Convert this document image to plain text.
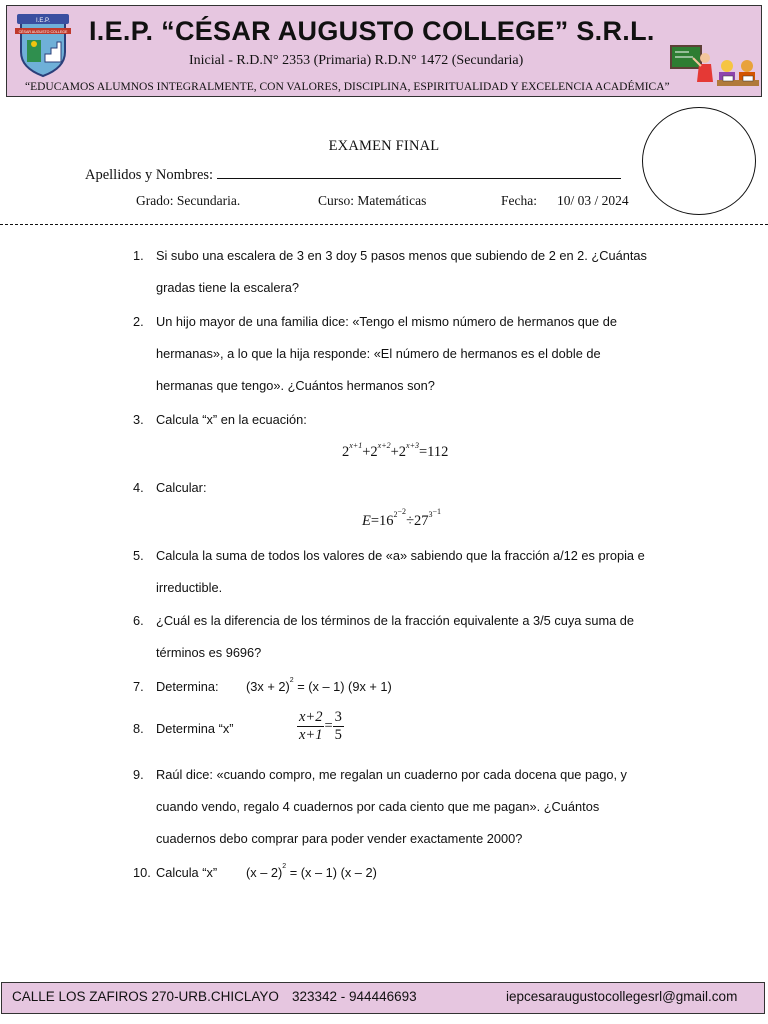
I.E.P.
CÉSAR AUGUSTO COLLEGE I.E.P. “CÉSAR AUGUSTO COLLEGE” S.R.L.
Inicial - R.D.N° 2353 (Primaria) R.D.N° 1472 (Secundaria)
“EDUCAMOS ALUMNOS INTEGRALMENTE, CON VALORES, DISCIPLINA, ESPIRITUALIDAD Y EXCELENCIA ACADÉMICA”
EXAMEN FINAL
Apellidos y Nombres:
Grado: Secundaria.	Curso: Matemáticas	Fecha: 10/ 03 / 2024
1. Si subo una escalera de 3 en 3 doy 5 pasos menos que subiendo de 2 en 2. ¿Cuántas
gradas tiene la escalera?
2. Un hijo mayor de una familia dice: «Tengo el mismo número de hermanos que de
hermanas», a lo que la hija responde: «El número de hermanos es el doble de
hermanas que tengo». ¿Cuántos hermanos son?
3. Calcula “x” en la ecuación:
$2^{x+1}+2^{x+2}+2^{x+3}=112$
4. Calcular:
$E=16^{2^{-2}}\div 27^{3^{-1}}$
5. Calcula la suma de todos los valores de «a» sabiendo que la fracción a/12 es propia e
irreductible.
6. ¿Cuál es la diferencia de los términos de la fracción equivalente a 3/5 cuya suma de
términos es 9696?
7. Determina: $(3x + 2)^2 = (x - 1)$ (9x + 1)
8. Determina “x”	$\frac{x+2}{x+1} = \frac{3}{5}$
9. Raúl dice: «cuando compro, me regalan un cuaderno por cada docena que pago, y
cuando vendo, regalo 4 cuadernos por cada ciento que me pagan». ¿Cuántos
cuadernos debo comprar para poder vender exactamente 2000?
10. Calcula “x” (x – 2)$^2$ = (x – 1) (x – 2)
CALLE LOS ZAFIROS 270-URB.CHICLAYO 323342 - 944446693	iepcesaraugustocollegesrl@gmail.com
